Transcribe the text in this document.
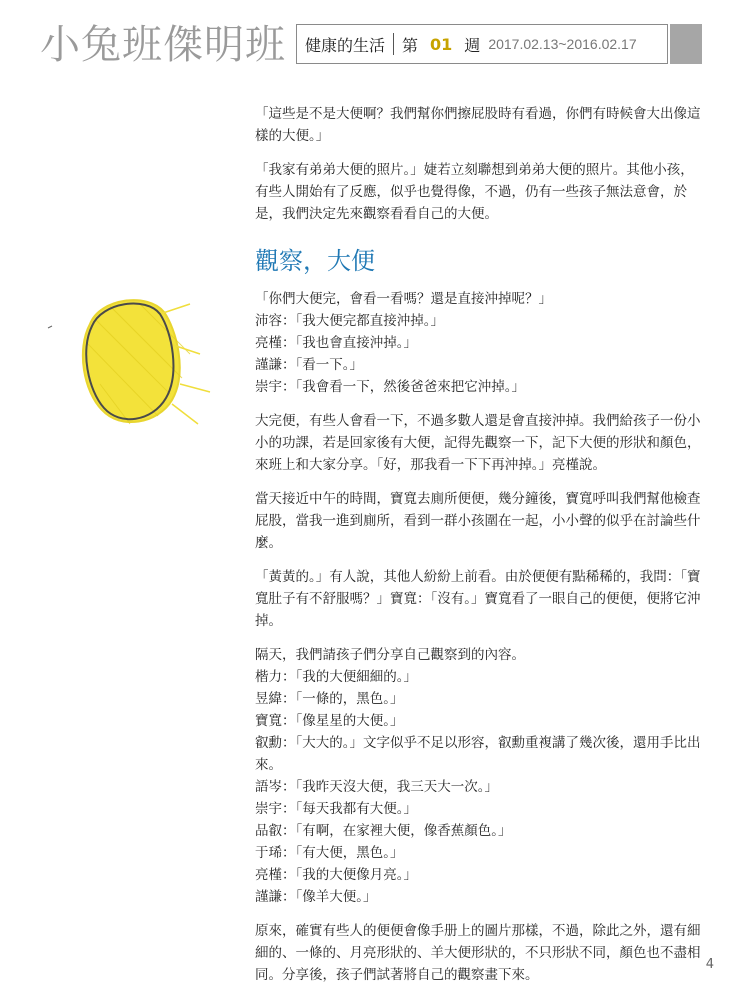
小兔班傑明班 健康的生活 第 01 週 2017.02.13~2016.02.17

「這些是不是大便啊？我們幫你們擦屁股時有看過，你們有時候會大出像這樣的大便。」

「我家有弟弟大便的照片。」婕若立刻聯想到弟弟大便的照片。其他小孩，有些人開始有了反應，似乎也覺得像，不過，仍有一些孩子無法意會，於是，我們決定先來觀察看看自己的大便。

觀察，大便

「你們大便完，會看一看嗎？還是直接沖掉呢？」
沛容：「我大便完都直接沖掉。」
亮槿：「我也會直接沖掉。」
謹謙：「看一下。」
崇宇：「我會看一下，然後爸爸來把它沖掉。」

大完便，有些人會看一下，不過多數人還是會直接沖掉。我們給孩子一份小小的功課，若是回家後有大便，記得先觀察一下，記下大便的形狀和顏色，來班上和大家分享。「好，那我看一下下再沖掉。」亮槿說。

當天接近中午的時間，寶寬去廁所便便，幾分鐘後，寶寬呼叫我們幫他檢查屁股，當我一進到廁所，看到一群小孩圍在一起，小小聲的似乎在討論些什麼。

「黃黃的。」有人說，其他人紛紛上前看。由於便便有點稀稀的，我問：「寶寬肚子有不舒服嗎？」寶寬：「沒有。」寶寬看了一眼自己的便便，便將它沖掉。

隔天，我們請孩子們分享自己觀察到的內容。
楷力：「我的大便細細的。」
昱緯：「一條的，黑色。」
寶寬：「像星星的大便。」
叡勳：「大大的。」文字似乎不足以形容，叡勳重複講了幾次後，還用手比出來。
語岑：「我昨天沒大便，我三天大一次。」
崇宇：「每天我都有大便。」
品叡：「有啊，在家裡大便，像香蕉顏色。」
于琋：「有大便，黑色。」
亮槿：「我的大便像月亮。」
謹謙：「像羊大便。」

原來，確實有些人的便便會像手册上的圖片那樣，不過，除此之外，還有細細的、一條的、月亮形狀的、羊大便形狀的，不只形狀不同，顏色也不盡相同。分享後，孩子們試著將自己的觀察畫下來。

4
